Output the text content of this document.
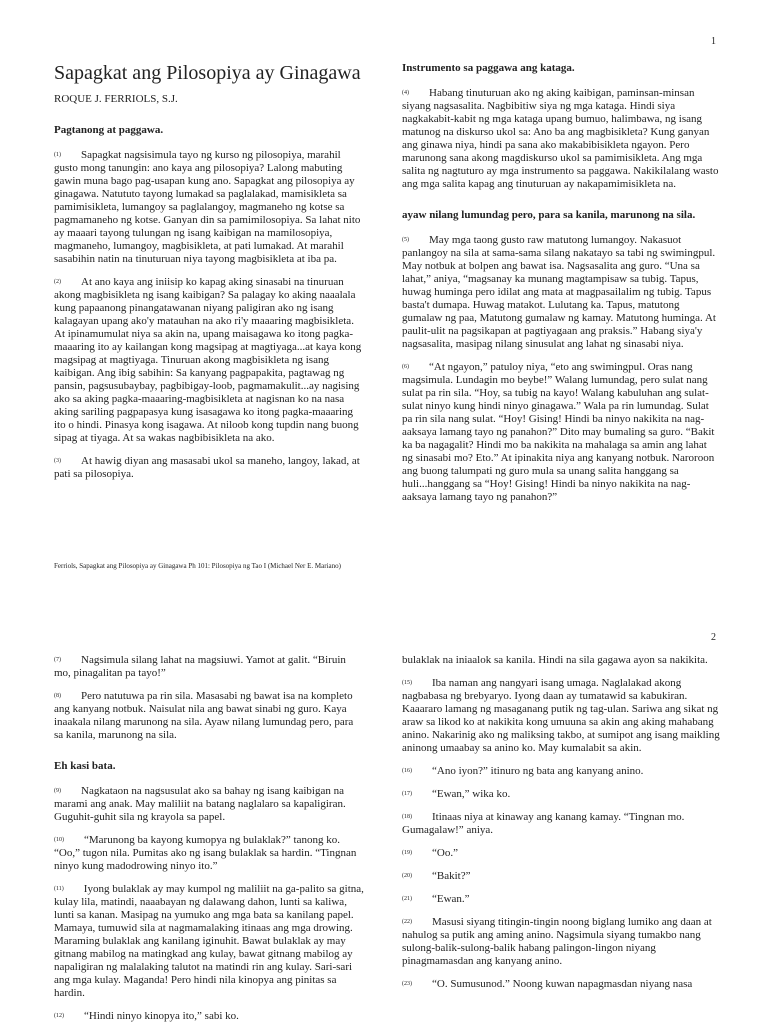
1
Sapagkat ang Pilosopiya ay Ginagawa

ROQUE J. FERRIOLS, S.J.

Pagtanong at paggawa.

$^{(1)}$ Sapagkat nagsisimula tayo ng kurso ng pilosopiya, marahil gusto mong tanungin: ano kaya ang pilosopiya? Lalong mabuting gawin muna bago pag-usapan kung ano. Sapagkat ang pilosopiya ay ginagawa. Natututo tayong lumakad sa paglalakad, mamisikleta sa pamimisikleta, lumangoy sa paglalangoy, magmaneho ng kotse sa pagmamaneho ng kotse. Ganyan din sa pamimilosopiya. Sa lahat nito ay maaari tayong tulungan ng isang kaibigan na mamilosopiya, magmaneho, lumangoy, magbisikleta, at pati lumakad. At marahil sasabihin natin na tinuturuan niya tayong magbisikleta at iba pa.

$^{(2)}$ At ano kaya ang iniisip ko kapag aking sinasabi na tinuruan akong magbisikleta ng isang kaibigan? Sa palagay ko aking naaalala kung papaanong pinangatawanan niyang paligiran ako ng isang kalagayan upang ako'y matauhan na ako ri'y maaaring magbisikleta. At ipinamumulat niya sa akin na, upang maisagawa ko itong pagka-maaaring ito ay kailangan kong magsipag at magtiyaga...at kaya kong magsipag at magtiyaga. Tinuruan akong magbisikleta ng isang kaibigan. Ang ibig sabihin: Sa kanyang pagpapakita, pagtawag ng pansin, pagsusubaybay, pagbibigay-loob, pagmamakulit...ay nagising ako sa aking pagka-maaaring-magbisikleta at nagisnan ko na nasa aking sariling pagpapasya kung isasagawa ko itong pagka-maaaring ito o hindi. Pinasya kong isagawa. At niloob kong tupdin nang buong sipag at tiyaga. At sa wakas nagbibisikleta na ako.

$^{(3)}$ At hawig diyan ang masasabi ukol sa maneho, langoy, lakad, at pati sa pilosopiya.

Instrumento sa paggawa ang kataga.

$^{(4)}$ Habang tinuturuan ako ng aking kaibigan, paminsan-minsan siyang nagsasalita. Nagbibitiw siya ng mga kataga. Hindi siya nagkakabit-kabit ng mga kataga upang bumuo, halimbawa, ng isang matunog na diskurso ukol sa: Ano ba ang magbisikleta? Kung ganyan ang ginawa niya, hindi pa sana ako makabibisikleta ngayon. Pero marunong sana akong magdiskurso ukol sa pamimisikleta. Ang mga salita ng nagtuturo ay mga instrumento sa paggawa. Nakikilalang wasto ang mga salita kapag ang tinuturuan ay nakapamimisikleta na.

ayaw nilang lumundag pero, para sa kanila, marunong na sila.

$^{(5)}$ May mga taong gusto raw matutong lumangoy. Nakasuot panlangoy na sila at sama-sama silang nakatayo sa tabi ng swimingpul. May notbuk at bolpen ang bawat isa. Nagsasalita ang guro. “Una sa lahat,” aniya, “magsanay ka munang magtampisaw sa tubig. Tapus, huwag huminga pero idilat ang mata at magpasailalim ng tubig. Tapus basta't dumapa. Huwag matakot. Lulutang ka. Tapus, matutong gumalaw ng paa, Matutong gumalaw ng kamay. Matutong huminga. At paulit-ulit na pagsikapan at pagtiyagaan ang praksis.” Habang siya'y nagsasalita, masipag nilang sinusulat ang lahat ng sinasabi niya.

$^{(6)}$ “At ngayon,” patuloy niya, “eto ang swimingpul. Oras nang magsimula. Lundagin mo beybe!” Walang lumundag, pero sulat nang sulat pa rin sila. “Hoy, sa tubig na kayo! Walang kabuluhan ang sulat-sulat ninyo kung hindi ninyo ginagawa.” Wala pa rin lumundag. Sulat pa rin sila nang sulat. “Hoy! Gising! Hindi ba ninyo nakikita na nag-aaksaya lamang tayo ng panahon?” Dito may bumaling sa guro. “Bakit ka ba nagagalit? Hindi mo ba nakikita na mahalaga sa amin ang lahat ng sinasabi mo? Eto.” At ipinakita niya ang kanyang notbuk. Naroroon ang buong talumpati ng guro mula sa unang salita hanggang sa huli...hanggang sa “Hoy! Gising! Hindi ba ninyo nakikita na nag-aaksaya lamang tayo ng panahon?”

Ferriols, Sapagkat ang Pilosopiya ay Ginagawa Ph 101: Pilosopiya ng Tao I (Michael Ner E. Mariano)
2

$^{(7)}$ Nagsimula silang lahat na magsiuwi. Yamot at galit. “Biruin mo, pinagalitan pa tayo!”

$^{(8)}$ Pero natutuwa pa rin sila. Masasabi ng bawat isa na kompleto ang kanyang notbuk. Naisulat nila ang bawat sinabi ng guro. Kaya inaakala nilang marunong na sila. Ayaw nilang lumundag pero, para sa kanila, marunong na sila.

Eh kasi bata.

$^{(9)}$ Nagkataon na nagsusulat ako sa bahay ng isang kaibigan na marami ang anak. May maliliit na batang naglalaro sa kapaligiran. Guguhit-guhit sila ng krayola sa papel.

$^{(10)}$ “Marunong ba kayong kumopya ng bulaklak?” tanong ko. “Oo,” tugon nila. Pumitas ako ng isang bulaklak sa hardin. “Tingnan ninyo kung madodrowing ninyo ito.”

$^{(11)}$ Iyong bulaklak ay may kumpol ng maliliit na ga-palito sa gitna, kulay lila, matindi, naaabayan ng dalawang dahon, lunti sa kaliwa, lunti sa kanan. Masipag na yumuko ang mga bata sa kanilang papel. Mamaya, tumuwid sila at nagmamalaking itinaas ang mga drowing. Maraming bulaklak ang kanilang iginuhit. Bawat bulaklak ay may gitnang mabilog na matingkad ang kulay, bawat gitnang mabilog ay napaligiran ng malalaking talutot na matindi rin ang kulay. Sari-sari ang mga kulay. Maganda! Pero hindi nila kinopya ang pinitas sa hardin.

$^{(12)}$ “Hindi ninyo kinopya ito,” sabi ko.

bulaklak na iniaalok sa kanila. Hindi na sila gagawa ayon sa nakikita.

$^{(15)}$ Iba naman ang nangyari isang umaga. Naglalakad akong nagbabasa ng brebyaryo. Iyong daan ay tumatawid sa kabukiran. Kaaararo lamang ng masaganang putik ng tag-ulan. Sariwa ang sikat ng araw sa likod ko at nakikita kong umuuna sa akin ang aking mahabang anino. Nakarinig ako ng maliksing takbo, at sumipot ang isang maikling aninong umaabay sa anino ko. May kumalabit sa akin.

$^{(16)}$ “Ano iyon?” itinuro ng bata ang kanyang anino.

$^{(17)}$ “Ewan,” wika ko.

$^{(18)}$ Itinaas niya at kinaway ang kanang kamay. “Tingnan mo. Gumagalaw!” aniya.

$^{(19)}$ “Oo.”

$^{(20)}$ “Bakit?”

$^{(21)}$ “Ewan.”

$^{(22)}$ Masusi siyang titingin-tingin noong biglang lumiko ang daan at nahulog sa putik ang aming anino. Nagsimula siyang tumakbo nang sulong-balik-sulong-balik habang palingon-lingon niyang pinagmamasdan ang kanyang anino.

$^{(23)}$ “O. Sumusunod.” Noong kuwan napagmasdan niyang nasa
